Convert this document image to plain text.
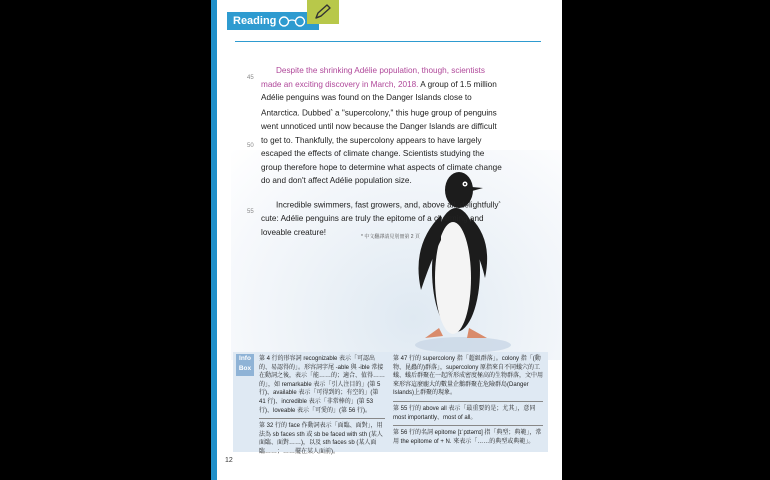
Reading

Despite the shrinking Adélie population, though, scientists made an exciting discovery in March, 2018. A group of 1.5 million Adélie penguins was found on the Danger Islands close to Antarctica. Dubbed$^{^5}$ a "supercolony," this huge group of penguins went unnoticed until now because the Danger Islands are difficult to get to. Thankfully, the supercolony appears to have largely escaped the effects of climate change. Scientists studying the group therefore hope to determine what aspects of climate change do and don't affect Adélie population size.

Incredible swimmers, fast growers, and, above all, delightfully$^{^6}$ cute: Adélie penguins are truly the epitome of a charming and loveable creature!

45
50
55
* 中文翻譯請見別冊第 2 頁
Info
Box

第 4 行的形容詞 recognizable 表示「可認出的、易認得的」。形容詞字尾 -able 與 -ible 常接在動詞之後，表示「能……的；適合、值得……的」，如 remarkable 表示「引人注目的」(第 5 行)、available 表示「可得到的；有空的」(第 41 行)、incredible 表示「非常棒的」(第 53 行)、loveable 表示「可愛的」(第 56 行)。

第 32 行的 face 作動詞表示「面臨、面對」，用法為 sb faces sth 或 sb be faced with sth (某人面臨、面對……)，以及 sth faces sb (某人面臨……；……擺在某人面前)。

第 47 行的 supercolony 指「超級群落」。colony 指「(動物、昆蟲的)群落」，supercolony 原指來自不同蟻穴的工蟻、蟻后群聚在一起所形成密度極高的生物群落，文中用來形容這麼龐大的數量企鵝群聚在危險群島(Danger Islands)上群聚的現象。

第 55 行的 above all 表示「最重要的是；尤其」，意同 most importantly、most of all。

第 56 行的名詞 epitome [ɪˈpɪtəmɪ] 指「典型；典範」，常用 the epitome of + N. 來表示「……的典型或典範」。

12
